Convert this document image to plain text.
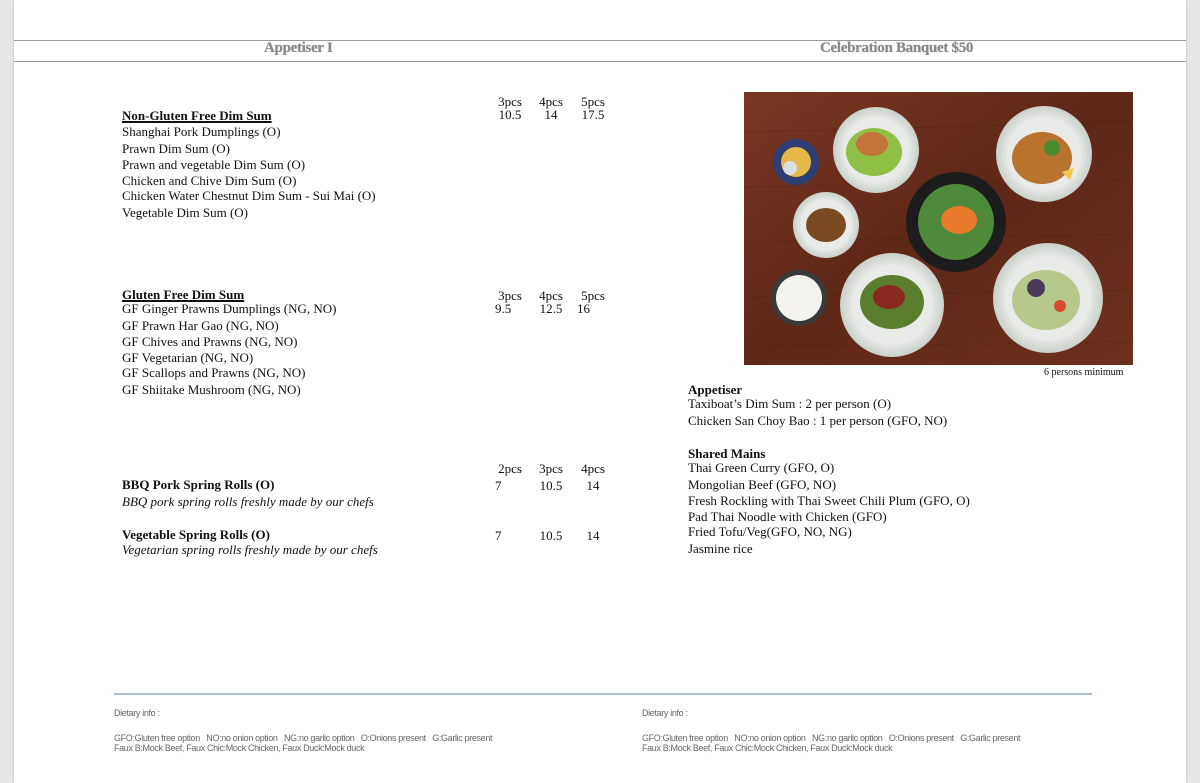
Appetiser I	Celebration Banquet $50
Non-Gluten Free Dim Sum
Shanghai Pork Dumplings (O)
Prawn Dim Sum (O)
Prawn and vegetable Dim Sum (O)
Chicken and Chive Dim Sum (O)
Chicken Water Chestnut Dim Sum - Sui Mai (O)
Vegetable Dim Sum (O)
3pcs	4pcs	5pcs
10.5	14	17.5
Gluten Free Dim Sum
GF Ginger Prawns Dumplings (NG, NO)
GF Prawn Har Gao (NG, NO)
GF Chives and Prawns (NG, NO)
GF Vegetarian (NG, NO)
GF Scallops and Prawns (NG, NO)
GF Shiitake Mushroom (NG, NO)
3pcs	4pcs	5pcs
9.5	12.5	16
2pcs	3pcs	4pcs
BBQ Pork Spring Rolls (O)
BBQ pork spring rolls freshly made by our chefs
7	10.5	14
Vegetable Spring Rolls (O)
Vegetarian spring rolls freshly made by our chefs
7	10.5	14
6 persons minimum
Appetiser
Taxiboat’s Dim Sum : 2 per person (O)
Chicken San Choy Bao : 1 per person (GFO, NO)
Shared Mains
Thai Green Curry (GFO, O)
Mongolian Beef (GFO, NO)
Fresh Rockling with Thai Sweet Chili Plum (GFO, O)
Pad Thai Noodle with Chicken (GFO)
Fried Tofu/Veg(GFO, NO, NG)
Jasmine rice
Dietary info :
GFO:Gluten free option   NO:no onion option   NG:no garlic option   O:Onions present   G:Garlic present
Faux B:Mock Beef, Faux Chic:Mock Chicken, Faux Duck:Mock duck
Dietary info :
GFO:Gluten free option   NO:no onion option   NG:no garlic option   O:Onions present   G:Garlic present
Faux B:Mock Beef, Faux Chic:Mock Chicken, Faux Duck:Mock duck
